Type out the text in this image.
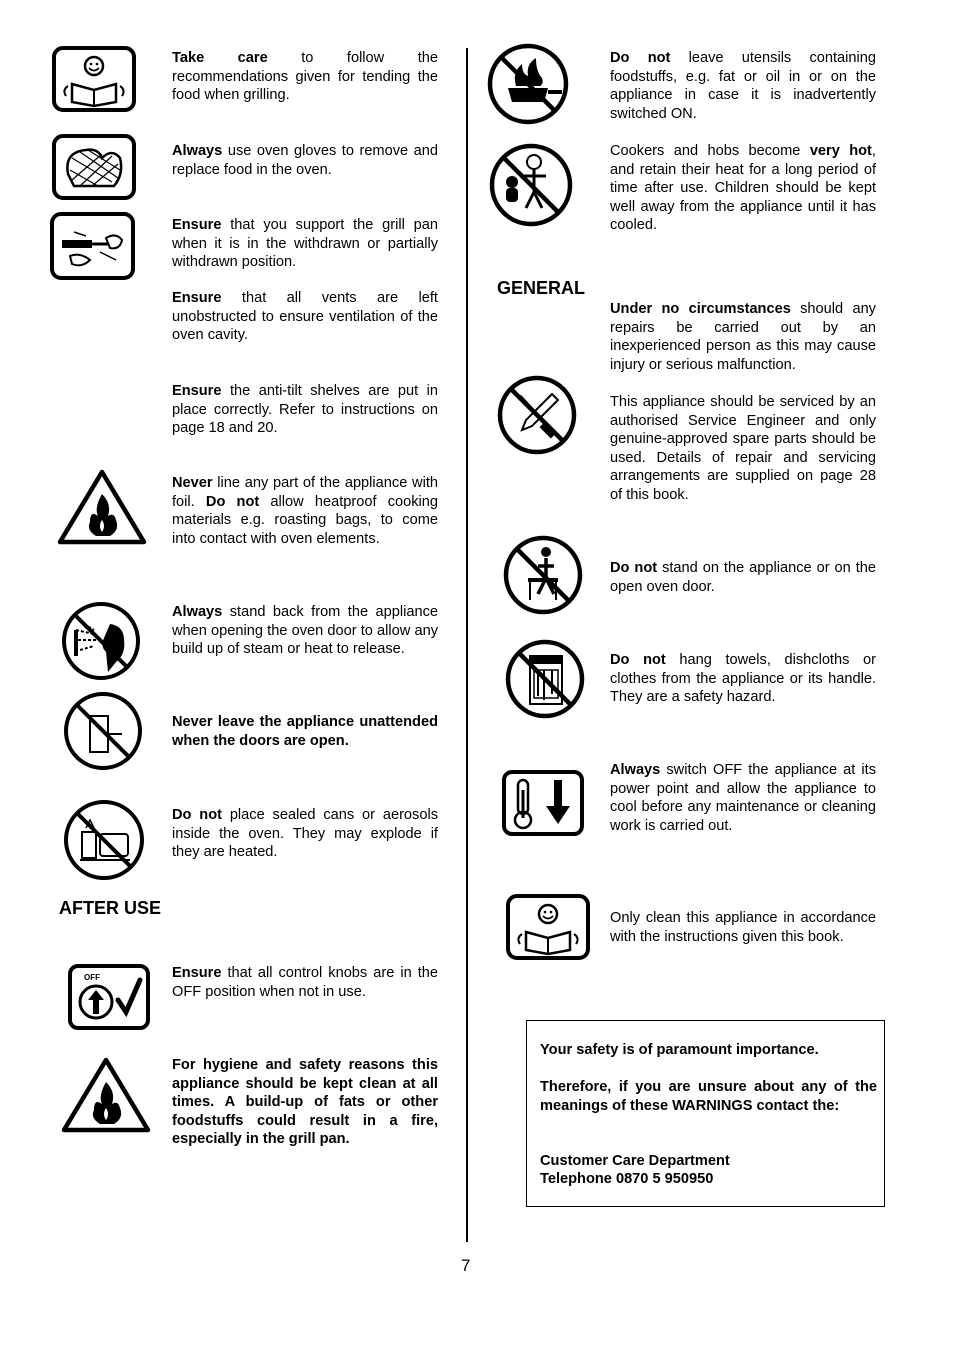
OFF

Take care to follow the recommendations given for tending the food when grilling.

Always use oven gloves to remove and replace food in the oven.

Ensure that you support the grill pan when it is in the withdrawn or partially withdrawn position.

Ensure that all vents are left unobstructed to ensure ventilation of the oven cavity.

Ensure the anti-tilt shelves are put in place correctly. Refer to instructions on page 18 and 20.

Never line any part of the appliance with foil. Do not allow heatproof cooking materials e.g. roasting bags, to come into contact with oven elements.

Always stand back from the appliance when opening the oven door to allow any build up of steam or heat to release.

Never leave the appliance unattended when the doors are open.

Do not place sealed cans or aerosols inside the oven. They may explode if they are heated.

AFTER USE

Ensure that all control knobs are in the OFF position when not in use.

For hygiene and safety reasons this appliance should be kept clean at all times. A build-up of fats or other foodstuffs could result in a fire, especially in the grill pan.

Do not leave utensils containing foodstuffs, e.g. fat or oil in or on the appliance in case it is inadvertently switched ON.

Cookers and hobs become very hot, and retain their heat for a long period of time after use. Children should be kept well away from the appliance until it has cooled.

GENERAL

Under no circumstances should any repairs be carried out by an inexperienced person as this may cause injury or serious malfunction.

This appliance should be serviced by an authorised Service Engineer and only genuine-approved spare parts should be used. Details of repair and servicing arrangements are supplied on page 28 of this book.

Do not stand on the appliance or on the open oven door.

Do not hang towels, dishcloths or clothes from the appliance or its handle. They are a safety hazard.

Always switch OFF the appliance at its power point and allow the appliance to cool before any maintenance or cleaning work is carried out.

Only clean this appliance in accordance with the instructions given this book.

Your safety is of paramount importance.

Therefore, if you are unsure about any of the meanings of these WARNINGS contact the:

Customer Care Department

Telephone 0870 5 950950

7
